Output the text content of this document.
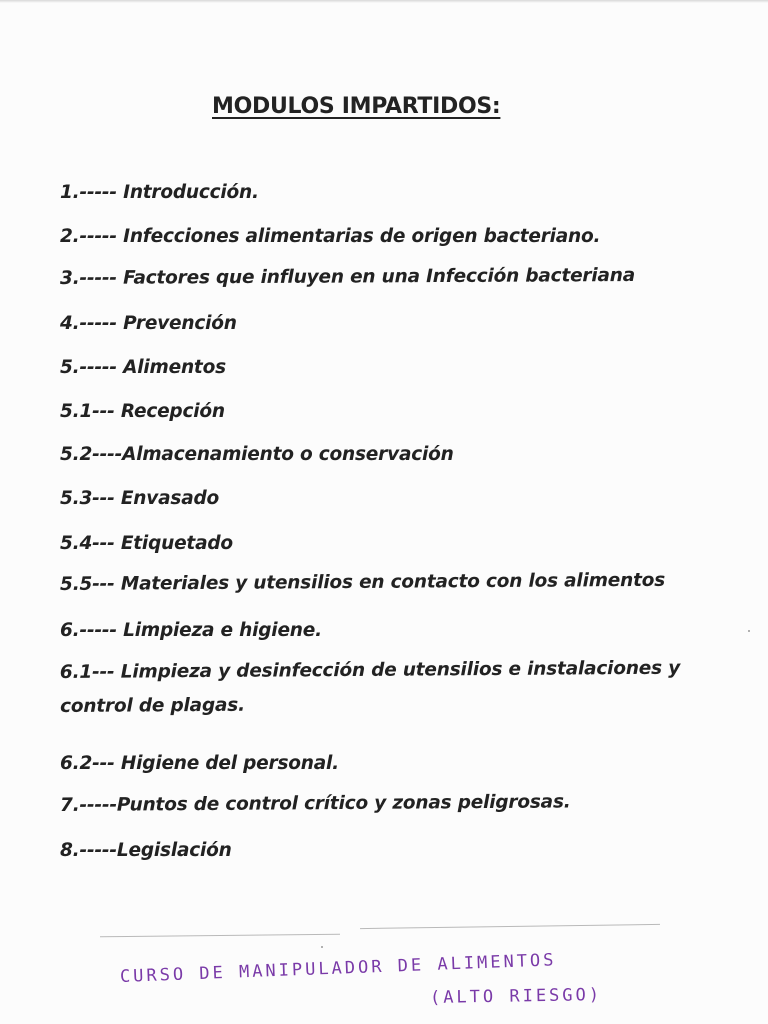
MODULOS IMPARTIDOS:
1.----- Introducción.
2.----- Infecciones alimentarias de origen bacteriano.
3.----- Factores que influyen en una Infección bacteriana
4.----- Prevención
5.----- Alimentos
5.1--- Recepción
5.2----Almacenamiento o conservación
5.3--- Envasado
5.4--- Etiquetado
5.5--- Materiales y utensilios en contacto con los alimentos
6.----- Limpieza e higiene.
6.1--- Limpieza y desinfección de utensilios e instalaciones y control de plagas.
6.2--- Higiene del personal.
7.-----Puntos de control crítico y zonas peligrosas.
8.-----Legislación
CURSO DE MANIPULADOR DE ALIMENTOS
(ALTO RIESGO)
